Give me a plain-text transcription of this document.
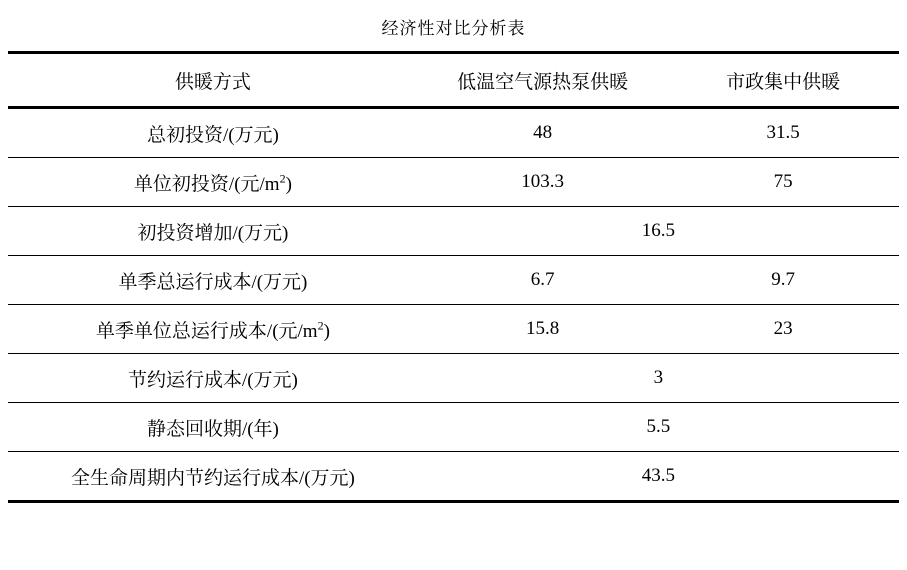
经济性对比分析表
供暖方式	低温空气源热泵供暖	市政集中供暖
总初投资/(万元)	48	31.5
单位初投资/(元$/m^2$)	103.3	75
初投资增加/(万元)	16.5	
单季总运行成本/(万元)	6.7	9.7
单季单位总运行成本/(元$/m^2$)	15.8	23
节约运行成本/(万元)	3	
静态回收期/(年)	5.5	
全生命周期内节约运行成本/(万元)	43.5	
